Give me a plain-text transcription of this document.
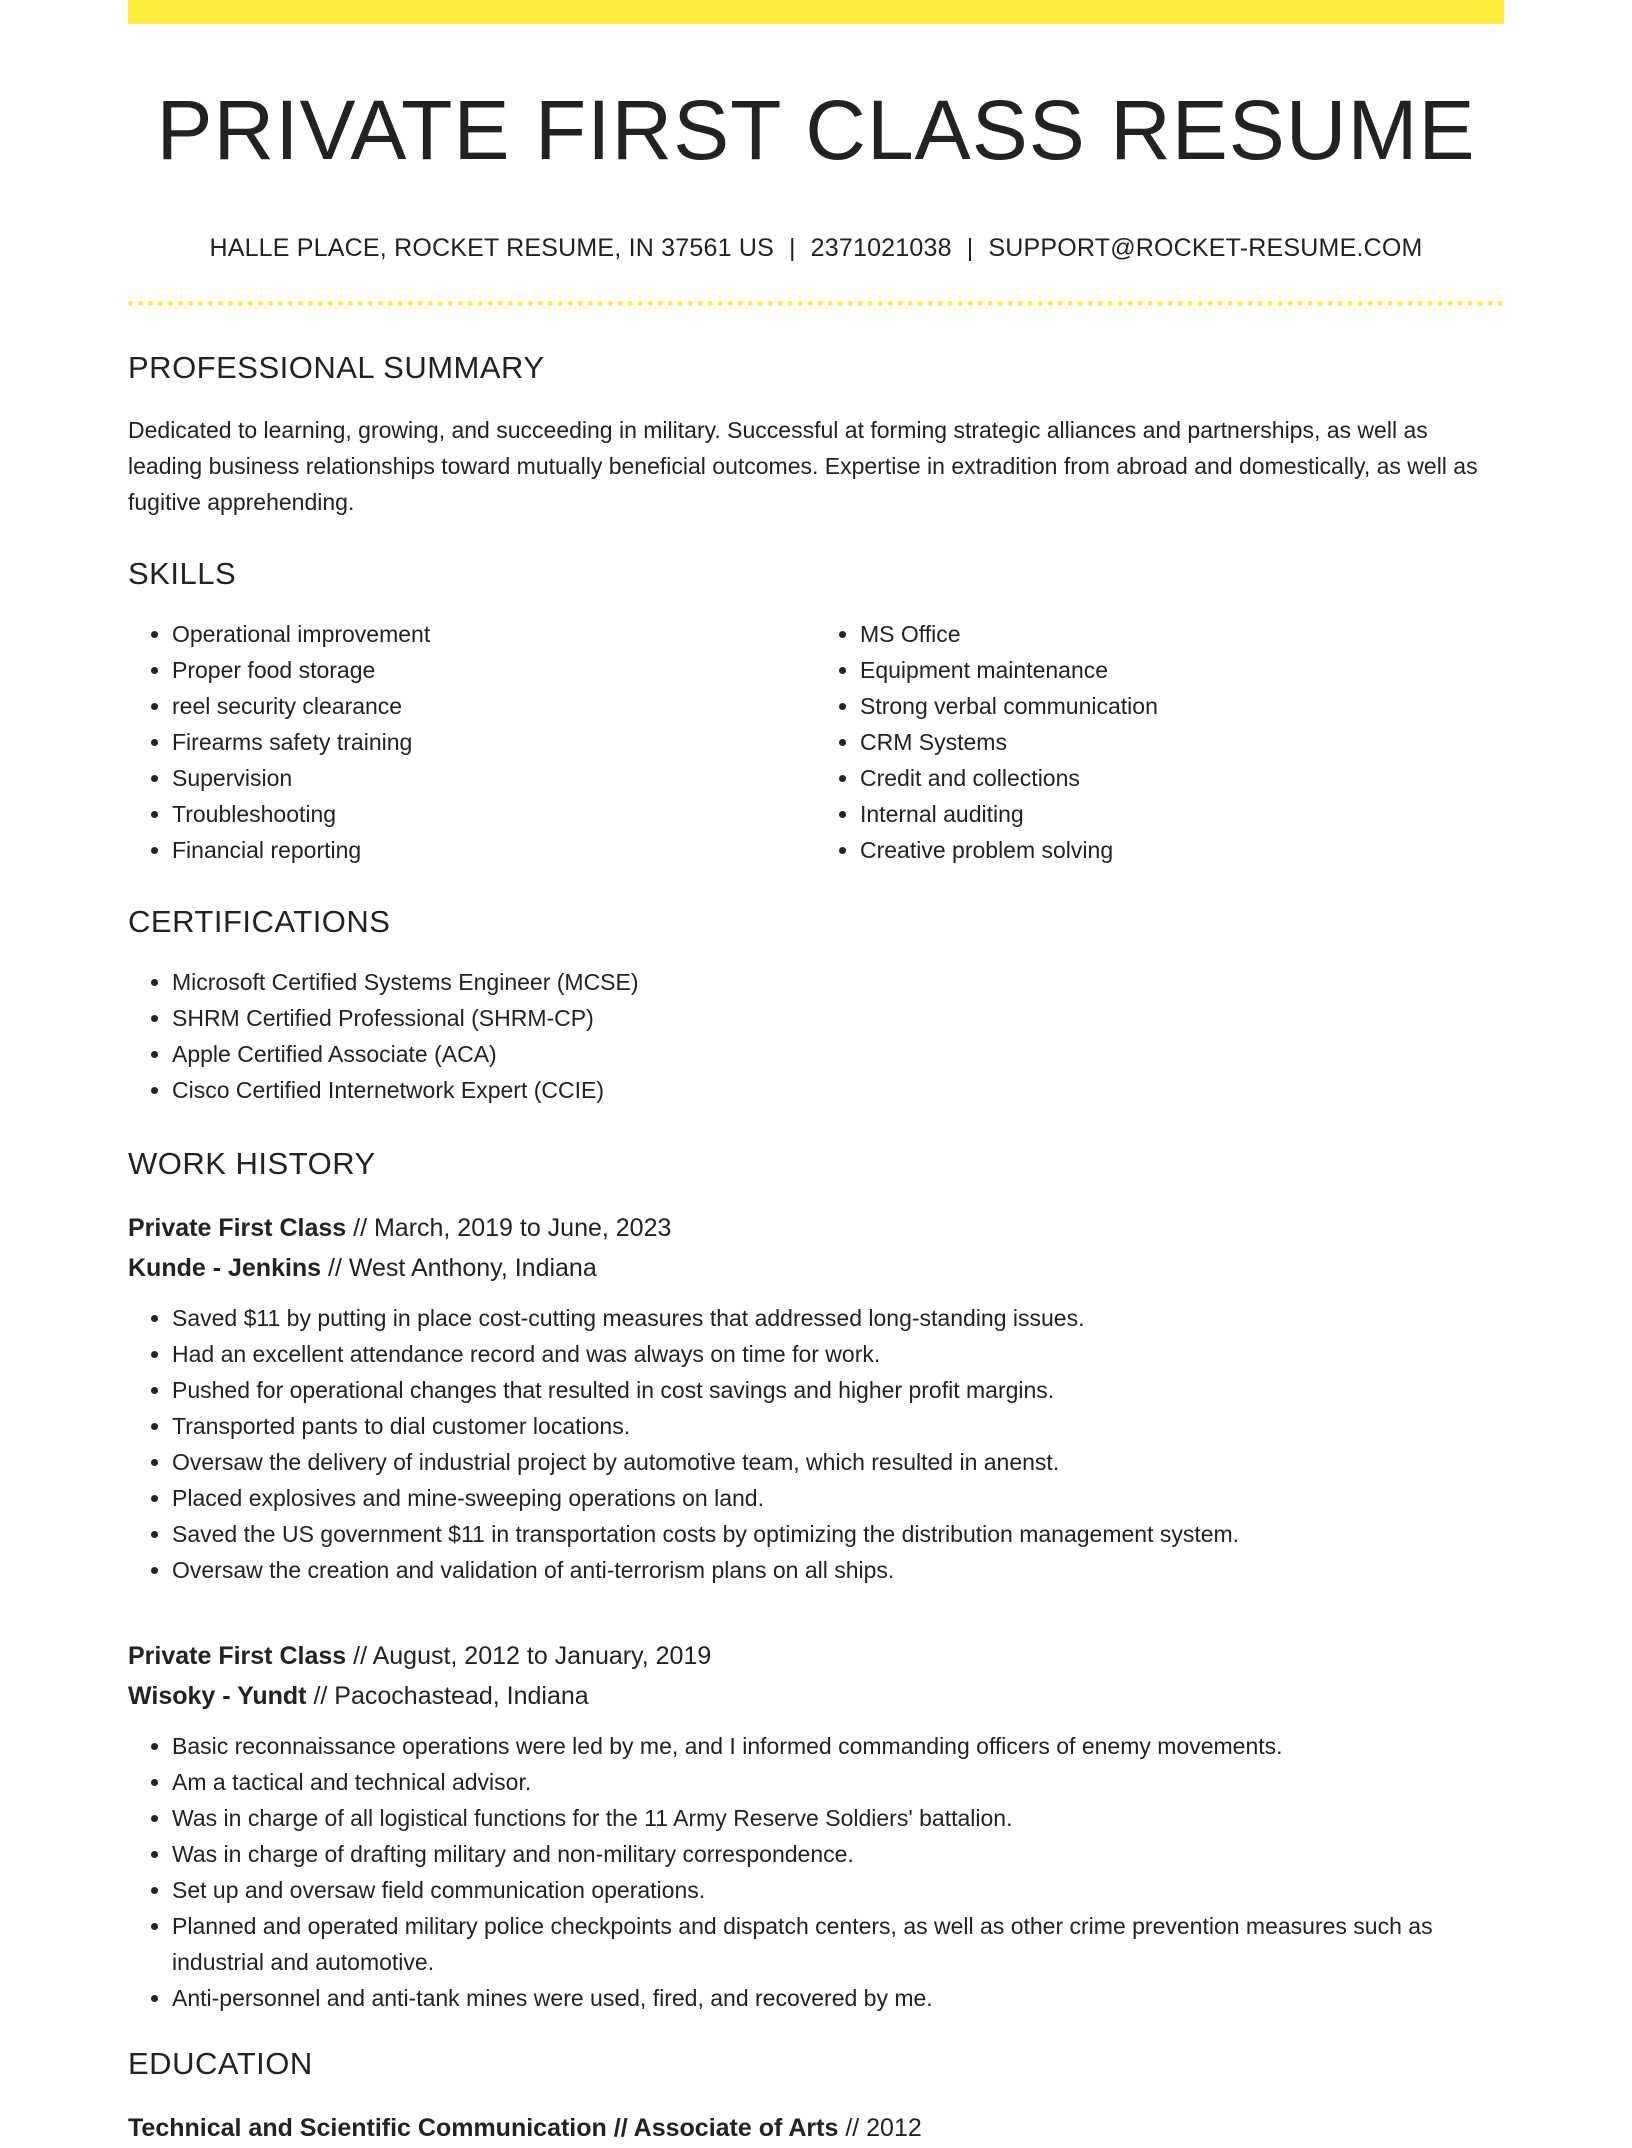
PRIVATE FIRST CLASS RESUME
HALLE PLACE, ROCKET RESUME, IN 37561 US | 2371021038 | SUPPORT@ROCKET-RESUME.COM
PROFESSIONAL SUMMARY
Dedicated to learning, growing, and succeeding in military. Successful at forming strategic alliances and partnerships, as well as leading business relationships toward mutually beneficial outcomes. Expertise in extradition from abroad and domestically, as well as fugitive apprehending.
SKILLS
• Operational improvement
• Proper food storage
• reel security clearance
• Firearms safety training
• Supervision
• Troubleshooting
• Financial reporting
• MS Office
• Equipment maintenance
• Strong verbal communication
• CRM Systems
• Credit and collections
• Internal auditing
• Creative problem solving
CERTIFICATIONS
• Microsoft Certified Systems Engineer (MCSE)
• SHRM Certified Professional (SHRM-CP)
• Apple Certified Associate (ACA)
• Cisco Certified Internetwork Expert (CCIE)
WORK HISTORY
Private First Class // March, 2019 to June, 2023
Kunde - Jenkins // West Anthony, Indiana
• Saved $11 by putting in place cost-cutting measures that addressed long-standing issues.
• Had an excellent attendance record and was always on time for work.
• Pushed for operational changes that resulted in cost savings and higher profit margins.
• Transported pants to dial customer locations.
• Oversaw the delivery of industrial project by automotive team, which resulted in anenst.
• Placed explosives and mine-sweeping operations on land.
• Saved the US government $11 in transportation costs by optimizing the distribution management system.
• Oversaw the creation and validation of anti-terrorism plans on all ships.
Private First Class // August, 2012 to January, 2019
Wisoky - Yundt // Pacochastead, Indiana
• Basic reconnaissance operations were led by me, and I informed commanding officers of enemy movements.
• Am a tactical and technical advisor.
• Was in charge of all logistical functions for the 11 Army Reserve Soldiers' battalion.
• Was in charge of drafting military and non-military correspondence.
• Set up and oversaw field communication operations.
• Planned and operated military police checkpoints and dispatch centers, as well as other crime prevention measures such as industrial and automotive.
• Anti-personnel and anti-tank mines were used, fired, and recovered by me.
EDUCATION
Technical and Scientific Communication // Associate of Arts // 2012
